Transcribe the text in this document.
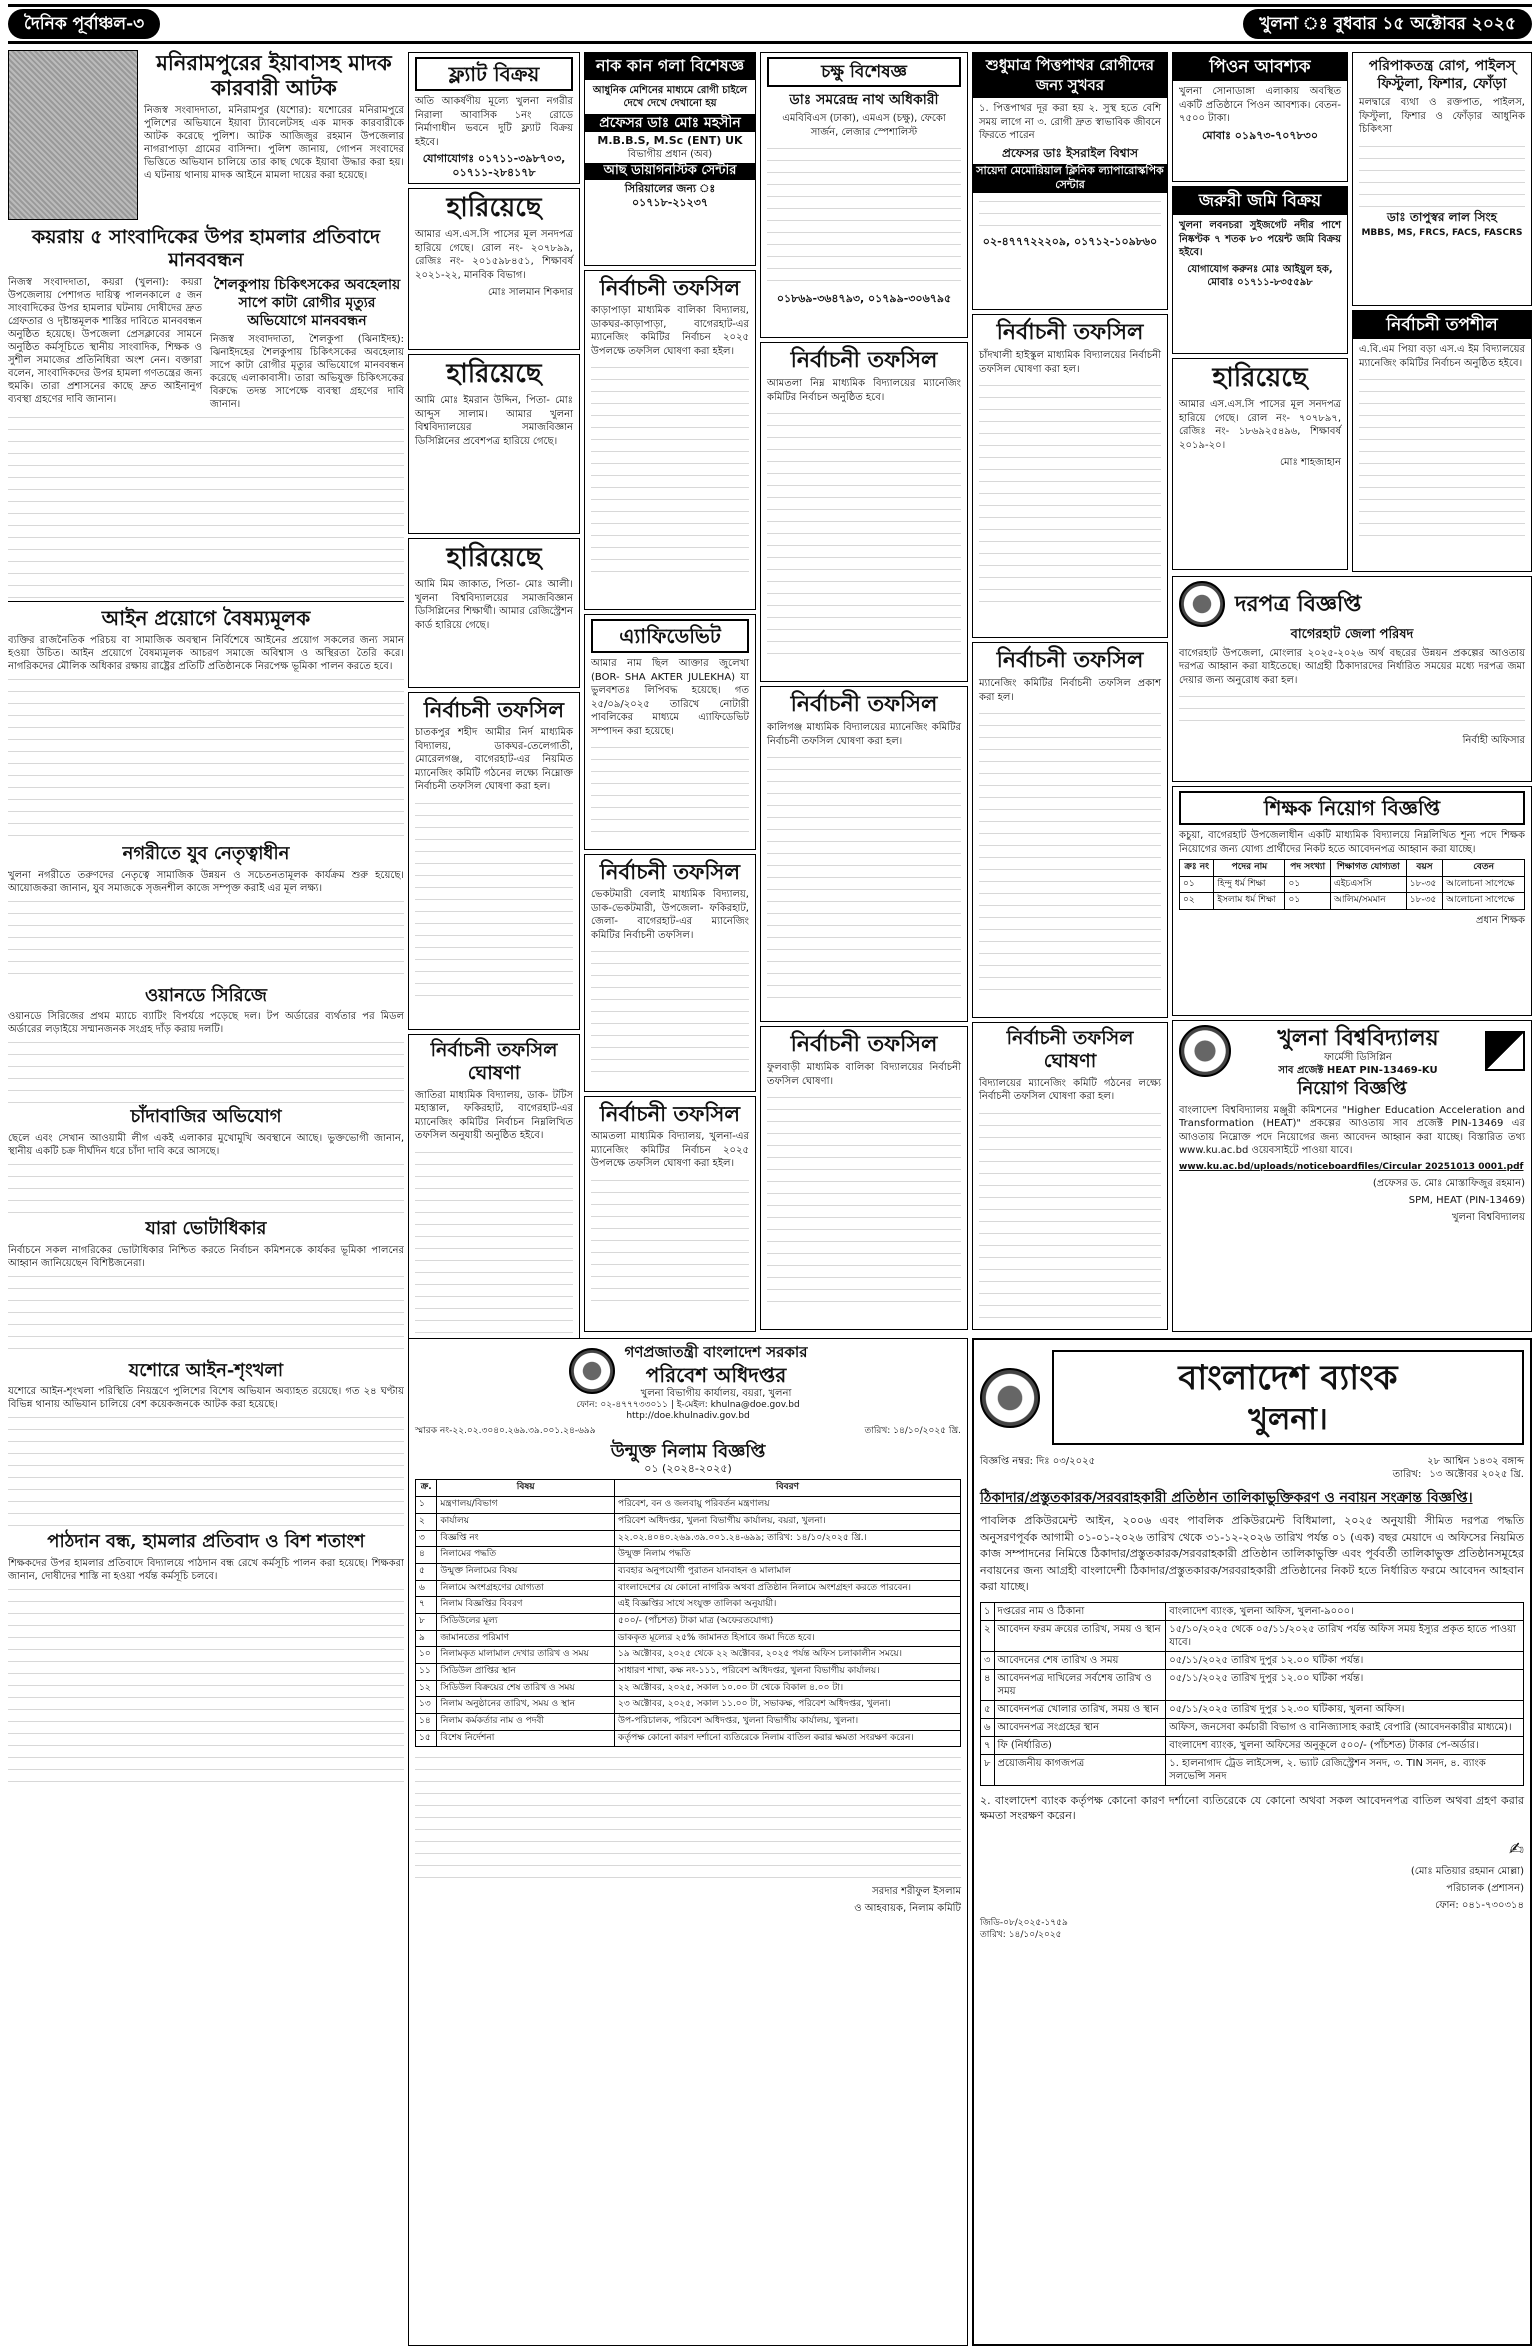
দৈনিক পূর্বাঞ্চল-৩	খুলনা ঃ বুধবার ১৫ অক্টোবর ২০২৫
মনিরামপুরের ইয়াবাসহ মাদক কারবারী আটক

নিজস্ব সংবাদদাতা, মনিরামপুর (যশোর): যশোরের মনিরামপুরে পুলিশের অভিযানে ইয়াবা ট্যাবলেটসহ এক মাদক কারবারীকে আটক করেছে পুলিশ। আটক আজিজুর রহমান উপজেলার নাগরাপাড়া গ্রামের বাসিন্দা। পুলিশ জানায়, গোপন সংবাদের ভিত্তিতে অভিযান চালিয়ে তার কাছ থেকে ইয়াবা উদ্ধার করা হয়। এ ঘটনায় থানায় মাদক আইনে মামলা দায়ের করা হয়েছে।

কয়রায় ৫ সাংবাদিকের উপর হামলার প্রতিবাদে মানববন্ধন

নিজস্ব সংবাদদাতা, কয়রা (খুলনা): কয়রা উপজেলায় পেশাগত দায়িত্ব পালনকালে ৫ জন সাংবাদিকের উপর হামলার ঘটনায় দোষীদের দ্রুত গ্রেফতার ও দৃষ্টান্তমূলক শাস্তির দাবিতে মানববন্ধন অনুষ্ঠিত হয়েছে। উপজেলা প্রেসক্লাবের সামনে অনুষ্ঠিত কর্মসূচিতে স্থানীয় সাংবাদিক, শিক্ষক ও সুশীল সমাজের প্রতিনিধিরা অংশ নেন। বক্তারা বলেন, সাংবাদিকদের উপর হামলা গণতন্ত্রের জন্য হুমকি। তারা প্রশাসনের কাছে দ্রুত আইনানুগ ব্যবস্থা গ্রহণের দাবি জানান।

শৈলকুপায় চিকিৎসকের অবহেলায় সাপে কাটা রোগীর মৃত্যুর অভিযোগে মানববন্ধন

নিজস্ব সংবাদদাতা, শৈলকুপা (ঝিনাইদহ): ঝিনাইদহের শৈলকুপায় চিকিৎসকের অবহেলায় সাপে কাটা রোগীর মৃত্যুর অভিযোগে মানববন্ধন করেছে এলাকাবাসী। তারা অভিযুক্ত চিকিৎসকের বিরুদ্ধে তদন্ত সাপেক্ষে ব্যবস্থা গ্রহণের দাবি জানান।

আইন প্রয়োগে বৈষম্যমূলক

ব্যক্তির রাজনৈতিক পরিচয় বা সামাজিক অবস্থান নির্বিশেষে আইনের প্রয়োগ সকলের জন্য সমান হওয়া উচিত। আইন প্রয়োগে বৈষম্যমূলক আচরণ সমাজে অবিশ্বাস ও অস্থিরতা তৈরি করে। নাগরিকদের মৌলিক অধিকার রক্ষায় রাষ্ট্রের প্রতিটি প্রতিষ্ঠানকে নিরপেক্ষ ভূমিকা পালন করতে হবে।

নগরীতে যুব নেতৃত্বাধীন

খুলনা নগরীতে তরুণদের নেতৃত্বে সামাজিক উন্নয়ন ও সচেতনতামূলক কার্যক্রম শুরু হয়েছে। আয়োজকরা জানান, যুব সমাজকে সৃজনশীল কাজে সম্পৃক্ত করাই এর মূল লক্ষ্য।

ওয়ানডে সিরিজে

ওয়ানডে সিরিজের প্রথম ম্যাচে ব্যাটিং বিপর্যয়ে পড়েছে দল। টপ অর্ডারের ব্যর্থতার পর মিডল অর্ডারের লড়াইয়ে সম্মানজনক সংগ্রহ দাঁড় করায় দলটি।

চাঁদাবাজির অভিযোগ

ছেলে এবং সেখান আওয়ামী লীগ একই এলাকার মুখোমুখি অবস্থানে আছে। ভুক্তভোগী জানান, স্থানীয় একটি চক্র দীর্ঘদিন ধরে চাঁদা দাবি করে আসছে।

যারা ভোটাধিকার

নির্বাচনে সকল নাগরিকের ভোটাধিকার নিশ্চিত করতে নির্বাচন কমিশনকে কার্যকর ভূমিকা পালনের আহ্বান জানিয়েছেন বিশিষ্টজনেরা।

যশোরে আইন-শৃংখলা

যশোরে আইন-শৃংখলা পরিস্থিতি নিয়ন্ত্রণে পুলিশের বিশেষ অভিযান অব্যাহত রয়েছে। গত ২৪ ঘণ্টায় বিভিন্ন থানায় অভিযান চালিয়ে বেশ কয়েকজনকে আটক করা হয়েছে।

পাঠদান বন্ধ, হামলার প্রতিবাদ ও বিশ শতাংশ

শিক্ষকদের উপর হামলার প্রতিবাদে বিদ্যালয়ে পাঠদান বন্ধ রেখে কর্মসূচি পালন করা হয়েছে। শিক্ষকরা জানান, দোষীদের শাস্তি না হওয়া পর্যন্ত কর্মসূচি চলবে।

ফ্ল্যাট বিক্রয়

অতি আকর্ষণীয় মূল্যে খুলনা নগরীর নিরালা আবাসিক ১নং রোডে নির্মাণাধীন ভবনে দুটি ফ্ল্যাট বিক্রয় হইবে।

যোগাযোগঃ ০১৭১১-৩৯৮৭০৩, ০১৭১১-২৮৪১৭৮
হারিয়েছে

আমার এস.এস.সি পাসের মূল সনদপত্র হারিয়ে গেছে। রোল নং- ২০৭৮৯৯, রেজিঃ নং- ২০১৫৯৮৪৫১, শিক্ষাবর্ষ ২০২১-২২, মানবিক বিভাগ।

মোঃ সালমান শিকদার
হারিয়েছে

আমি মোঃ ইমরান উদ্দিন, পিতা- মোঃ আব্দুস সালাম। আমার খুলনা বিশ্ববিদ্যালয়ের সমাজবিজ্ঞান ডিসিপ্লিনের প্রবেশপত্র হারিয়ে গেছে।

হারিয়েছে

আমি মিম জাকাত, পিতা- মোঃ আলী। খুলনা বিশ্ববিদ্যালয়ের সমাজবিজ্ঞান ডিসিপ্লিনের শিক্ষার্থী। আমার রেজিস্ট্রেশন কার্ড হারিয়ে গেছে।

নির্বাচনী তফসিল

চাতকপুর শহীদ আমীর নির্দ মাধ্যমিক বিদ্যালয়, ডাকঘর-তেলেগাতী, মোরেলগঞ্জ, বাগেরহাট-এর নিয়মিত ম্যানেজিং কমিটি গঠনের লক্ষ্যে নিম্নোক্ত নির্বাচনী তফসিল ঘোষণা করা হল।

নির্বাচনী তফসিল ঘোষণা

জাতিরা মাধ্যমিক বিদ্যালয়, ডাক- টটিস মহাস্তাল, ফকিরহাট, বাগেরহাট-এর ম্যানেজিং কমিটির নির্বাচন নিম্নলিখিত তফসিল অনুযায়ী অনুষ্ঠিত হইবে।

নাক কান গলা বিশেষজ্ঞ

আধুনিক মেশিনের মাধ্যমে রোগী চাইলে দেখে দেখে দেখানো হয়

প্রফেসর ডাঃ মোঃ মহসীন
M.B.B.S, M.Sc (ENT) UK
বিভাগীয় প্রধান (অব)
আছ ডায়াগনস্টিক সেন্টার
সিরিয়ালের জন্য ঃ ০১৭১৮-২১২৩৭
নির্বাচনী তফসিল

কাড়াপাড়া মাধ্যমিক বালিকা বিদ্যালয়, ডাকঘর-কাড়াপাড়া, বাগেরহাট-এর ম্যানেজিং কমিটির নির্বাচন ২০২৫ উপলক্ষে তফসিল ঘোষণা করা হইল।

এ্যাফিডেভিট

আমার নাম ছিল আক্তার জুলেখা (BOR- SHA AKTER JULEKHA) যা ভুলবশতঃ লিপিবদ্ধ হয়েছে। গত ২৫/০৯/২০২৫ তারিখে নোটারী পাবলিকের মাধ্যমে এ্যাফিডেভিট সম্পাদন করা হয়েছে।

নির্বাচনী তফসিল

ভেকটমারী বেলাই মাধ্যমিক বিদ্যালয়, ডাক-ভেকটমারী, উপজেলা- ফকিরহাট, জেলা- বাগেরহাট-এর ম্যানেজিং কমিটির নির্বাচনী তফসিল।

নির্বাচনী তফসিল

আমতলা মাধ্যমিক বিদ্যালয়, খুলনা-এর ম্যানেজিং কমিটির নির্বাচন ২০২৫ উপলক্ষে তফসিল ঘোষণা করা হইল।

চক্ষু বিশেষজ্ঞ
ডাঃ সমরেন্দ্র নাথ অধিকারী

এমবিবিএস (ঢাকা), এমএস (চক্ষু), ফেকো সার্জন, লেজার স্পেশালিস্ট

০১৮৬৯-৩৬৪৭৯৩, ০১৭৯৯-৩০৬৭৯৫
নির্বাচনী তফসিল

আমতলা নিম্ন মাধ্যমিক বিদ্যালয়ের ম্যানেজিং কমিটির নির্বাচন অনুষ্ঠিত হবে।

নির্বাচনী তফসিল

কালিগঞ্জ মাধ্যমিক বিদ্যালয়ের ম্যানেজিং কমিটির নির্বাচনী তফসিল ঘোষণা করা হল।

নির্বাচনী তফসিল

ফুলবাড়ী মাধ্যমিক বালিকা বিদ্যালয়ের নির্বাচনী তফসিল ঘোষণা।

শুধুমাত্র পিত্তপাথর রোগীদের জন্য সুখবর

১. পিত্তপাথর দূর করা হয় ২. সুস্থ হতে বেশি সময় লাগে না ৩. রোগী দ্রুত স্বাভাবিক জীবনে ফিরতে পারেন

প্রফেসর ডাঃ ইসরাইল বিশ্বাস
সায়েদা মেমোরিয়াল ক্লিনিক ল্যাপারোস্কপিক সেন্টার
০২-৪৭৭৭২২২০৯, ০১৭১২-১০৯৮৬০
নির্বাচনী তফসিল

চাঁদখালী হাইস্কুল মাধ্যমিক বিদ্যালয়ের নির্বাচনী তফসিল ঘোষণা করা হল।

নির্বাচনী তফসিল

ম্যানেজিং কমিটির নির্বাচনী তফসিল প্রকাশ করা হল।

নির্বাচনী তফসিল ঘোষণা

বিদ্যালয়ের ম্যানেজিং কমিটি গঠনের লক্ষ্যে নির্বাচনী তফসিল ঘোষণা করা হল।

পিওন আবশ্যক

খুলনা সোনাডাঙ্গা এলাকায় অবস্থিত একটি প্রতিষ্ঠানে পিওন আবশ্যক। বেতন- ৭৫০০ টাকা।

মোবাঃ ০১৯৭৩-৭০৭৮৩০
পরিপাকতন্ত্র রোগ, পাইলস্ ফিস্টুলা, ফিশার, ফোঁড়া

মলদ্বারে ব্যথা ও রক্তপাত, পাইলস, ফিস্টুলা, ফিশার ও ফোঁড়ার আধুনিক চিকিৎসা

ডাঃ তাপুস্বর লাল সিংহ
MBBS, MS, FRCS, FACS, FASCRS
জরুরী জমি বিক্রয়

খুলনা লবনচরা সুইজগেট নদীর পাশে নিষ্কণ্টক ৭ শতক ৮০ পয়েন্ট জমি বিক্রয় হইবে।

যোগাযোগ করুনঃ মোঃ আইয়ুল হক, মোবাঃ ০১৭১১-৮৩৫৫৯৮
হারিয়েছে

আমার এস.এস.সি পাসের মূল সনদপত্র হারিয়ে গেছে। রোল নং- ৭০৭৮৯৭, রেজিঃ নং- ১৮৬৯২৫৪৯৬, শিক্ষাবর্ষ ২০১৯-২০।

মোঃ শাহজাহান
নির্বাচনী তপশীল

এ.বি.এম পিয়া বড়া এস.এ ইম বিদ্যালয়ের ম্যানেজিং কমিটির নির্বাচন অনুষ্ঠিত হইবে।

দরপত্র বিজ্ঞপ্তি
বাগেরহাট জেলা পরিষদ

বাগেরহাট উপজেলা, মোংলার ২০২৫-২০২৬ অর্থ বছরের উন্নয়ন প্রকল্পের আওতায় দরপত্র আহ্বান করা যাইতেছে। আগ্রহী ঠিকাদারদের নির্ধারিত সময়ের মধ্যে দরপত্র জমা দেয়ার জন্য অনুরোধ করা হল।

নির্বাহী অফিসার
শিক্ষক নিয়োগ বিজ্ঞপ্তি

কচুয়া, বাগেরহাট উপজেলাধীন একটি মাধ্যমিক বিদ্যালয়ে নিম্নলিখিত শূন্য পদে শিক্ষক নিয়োগের জন্য যোগ্য প্রার্থীদের নিকট হতে আবেদনপত্র আহ্বান করা যাচ্ছে।

ক্রঃ নং	পদের নাম	পদ সংখ্যা	শিক্ষাগত যোগ্যতা	বয়স	বেতন
০১	হিন্দু ধর্ম শিক্ষা	০১	এইচএসসি	১৮-৩৫	আলোচনা সাপেক্ষে
০২	ইসলাম ধর্ম শিক্ষা	০১	আলিম/সমমান	১৮-৩৫	আলোচনা সাপেক্ষে
প্রধান শিক্ষক
খুলনা বিশ্ববিদ্যালয়
ফার্মেসী ডিসিপ্লিন
সাব প্রজেক্ট HEAT PIN-13469-KU
নিয়োগ বিজ্ঞপ্তি

বাংলাদেশ বিশ্ববিদ্যালয় মঞ্জুরী কমিশনের "Higher Education Acceleration and Transformation (HEAT)" প্রকল্পের আওতায় সাব প্রজেক্ট PIN-13469 এর আওতায় নিম্নোক্ত পদে নিয়োগের জন্য আবেদন আহ্বান করা যাচ্ছে। বিস্তারিত তথ্য www.ku.ac.bd ওয়েবসাইটে পাওয়া যাবে।

www.ku.ac.bd/uploads/noticeboardfiles/Circular 20251013 0001.pdf

(প্রফেসর ড. মোঃ মোস্তাফিজুর রহমান)
SPM, HEAT (PIN-13469)
খুলনা বিশ্ববিদ্যালয়
গণপ্রজাতন্ত্রী বাংলাদেশ সরকার
পরিবেশ অধিদপ্তর
খুলনা বিভাগীয় কার্যালয়, বয়রা, খুলনা
ফোন: ০২-৪৭৭৭৩৩০১১ | ই-মেইল: khulna@doe.gov.bd
http://doe.khulnadiv.gov.bd
স্মারক নং-২২.০২.৩০৪০.২৬৯.৩৯.০০১.২৪-৬৯৯	তারিখ: ১৪/১০/২০২৫ খ্রি.
উন্মুক্ত নিলাম বিজ্ঞপ্তি
০১ (২০২৪-২০২৫)
ক্র.	বিষয়	বিবরণ
১	মন্ত্রণালয়/বিভাগ	পরিবেশ, বন ও জলবায়ু পরিবর্তন মন্ত্রণালয়
২	কার্যালয়	পরিবেশ অধিদপ্তর, খুলনা বিভাগীয় কার্যালয়, বয়রা, খুলনা।
৩	বিজ্ঞপ্তি নং	২২.০২.৪০৪০.২৬৯.৩৯.০০১.২৪-৬৯৯; তারিখ: ১৪/১০/২০২৫ খ্রি.।
৪	নিলামের পদ্ধতি	উন্মুক্ত নিলাম পদ্ধতি
৫	উন্মুক্ত নিলামের বিষয়	ব্যবহার অনুপযোগী পুরাতন যানবাহন ও মালামাল
৬	নিলামে অংশগ্রহণের যোগ্যতা	বাংলাদেশের যে কোনো নাগরিক অথবা প্রতিষ্ঠান নিলামে অংশগ্রহণ করতে পারবেন।
৭	নিলাম বিজ্ঞপ্তির বিবরণ	এই বিজ্ঞপ্তির সাথে সংযুক্ত তালিকা অনুযায়ী।
৮	সিডিউলের মূল্য	৫০০/- (পাঁচশত) টাকা মাত্র (অফেরতযোগ্য)
৯	জামানতের পরিমাণ	ডাককৃত মূল্যের ২৫% জামানত হিসাবে জমা দিতে হবে।
১০	নিলামকৃত মালামাল দেখার তারিখ ও সময়	১৯ অক্টোবর, ২০২৫ থেকে ২২ অক্টোবর, ২০২৫ পর্যন্ত অফিস চলাকালীন সময়ে।
১১	সিডিউল প্রাপ্তির স্থান	সাধারণ শাখা, কক্ষ নং-১১১, পরিবেশ অধিদপ্তর, খুলনা বিভাগীয় কার্যালয়।
১২	সিডিউল বিক্রয়ের শেষ তারিখ ও সময়	২২ অক্টোবর, ২০২৫, সকাল ১০.০০ টা থেকে বিকাল ৪.০০ টা।
১৩	নিলাম অনুষ্ঠানের তারিখ, সময় ও স্থান	২৩ অক্টোবর, ২০২৫, সকাল ১১.০০ টা, সভাকক্ষ, পরিবেশ অধিদপ্তর, খুলনা।
১৪	নিলাম কর্মকর্তার নাম ও পদবী	উপ-পরিচালক, পরিবেশ অধিদপ্তর, খুলনা বিভাগীয় কার্যালয়, খুলনা।
১৫	বিশেষ নির্দেশনা	কর্তৃপক্ষ কোনো কারণ দর্শানো ব্যতিরেকে নিলাম বাতিল করার ক্ষমতা সংরক্ষণ করেন।
সরদার শরীফুল ইসলাম
ও আহবায়ক, নিলাম কমিটি
বাংলাদেশ ব্যাংক
খুলনা।
বিজ্ঞপ্তি নম্বর: দিঃ ০৩/২০২৫	২৮ আশ্বিন ১৪৩২ বঙ্গাব্দ
তারিখ: ১৩ অক্টোবর ২০২৫ খ্রি.
ঠিকাদার/প্রস্তুতকারক/সরবরাহকারী প্রতিষ্ঠান তালিকাভুক্তিকরণ ও নবায়ন সংক্রান্ত বিজ্ঞপ্তি।

পাবলিক প্রকিউরমেন্ট আইন, ২০০৬ এবং পাবলিক প্রকিউরমেন্ট বিধিমালা, ২০২৫ অনুযায়ী সীমিত দরপত্র পদ্ধতি অনুসরণপূর্বক আগামী ০১-০১-২০২৬ তারিখ থেকে ৩১-১২-২০২৬ তারিখ পর্যন্ত ০১ (এক) বছর মেয়াদে এ অফিসের নিয়মিত কাজ সম্পাদনের নিমিত্তে ঠিকাদার/প্রস্তুতকারক/সরবরাহকারী প্রতিষ্ঠান তালিকাভুক্তি এবং পূর্ববর্তী তালিকাভুক্ত প্রতিষ্ঠানসমূহের নবায়নের জন্য আগ্রহী বাংলাদেশী ঠিকাদার/প্রস্তুতকারক/সরবরাহকারী প্রতিষ্ঠানের নিকট হতে নির্ধারিত ফরমে আবেদন আহবান করা যাচ্ছে।

১	দপ্তরের নাম ও ঠিকানা	বাংলাদেশ ব্যাংক, খুলনা অফিস, খুলনা-৯০০০।
২	আবেদন ফরম ক্রয়ের তারিখ, সময় ও স্থান	১৫/১০/২০২৫ থেকে ০৫/১১/২০২৫ তারিখ পর্যন্ত অফিস সময় ইস্যুর প্রকৃত হাতে পাওয়া যাবে।
৩	আবেদনের শেষ তারিখ ও সময়	০৫/১১/২০২৫ তারিখ দুপুর ১২.০০ ঘটিকা পর্যন্ত।
৪	আবেদনপত্র দাখিলের সর্বশেষ তারিখ ও সময়	০৫/১১/২০২৫ তারিখ দুপুর ১২.০০ ঘটিকা পর্যন্ত।
৫	আবেদনপত্র খোলার তারিখ, সময় ও স্থান	০৫/১১/২০২৫ তারিখ দুপুর ১২.৩০ ঘটিকায়, খুলনা অফিস।
৬	আবেদনপত্র সংগ্রহের স্থান	অফিস, জনসেবা কর্মচারী বিভাগ ও বানিজ্যাসাহ করাই বেপারি (আবেদনকারীর মাধ্যমে)।
৭	ফি (নির্ধারিত)	বাংলাদেশ ব্যাংক, খুলনা অফিসের অনুকূলে ৫০০/- (পাঁচশত) টাকার পে-অর্ডার।
৮	প্রয়োজনীয় কাগজপত্র	১. হালনাগাদ ট্রেড লাইসেন্স, ২. ভ্যাট রেজিস্ট্রেশন সনদ, ৩. TIN সনদ, ৪. ব্যাংক সলভেন্সি সনদ

২. বাংলাদেশ ব্যাংক কর্তৃপক্ষ কোনো কারণ দর্শানো ব্যতিরেকে যে কোনো অথবা সকল আবেদনপত্র বাতিল অথবা গ্রহণ করার ক্ষমতা সংরক্ষণ করেন।

✍
(মোঃ মতিয়ার রহমান মোল্লা)
পরিচালক (প্রশাসন)
ফোন: ০৪১-৭৩০৩১৪
জিডি-০৮/২০২৫-১৭৫৯
তারিখ: ১৪/১০/২০২৫
